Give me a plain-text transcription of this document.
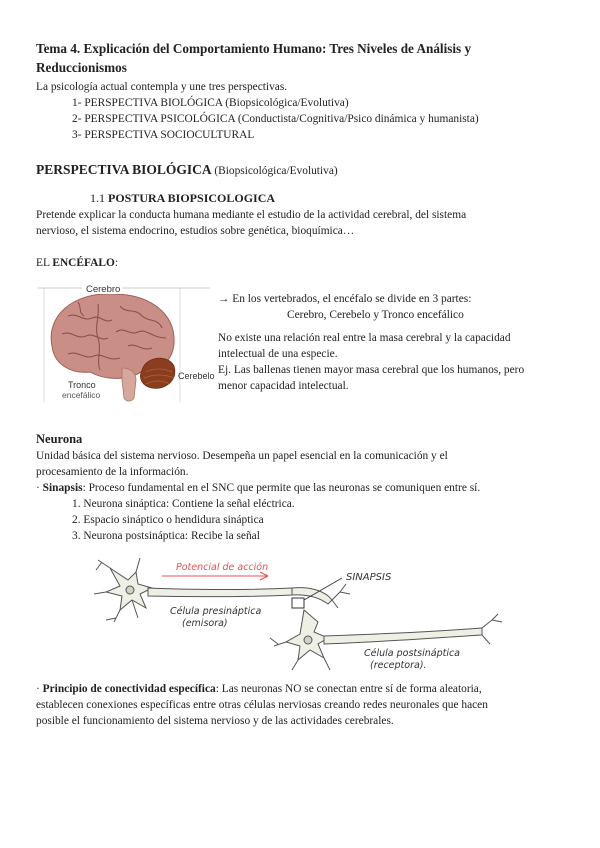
Tema 4. Explicación del Comportamiento Humano: Tres Niveles de Análisis y Reduccionismos
La psicología actual contempla y une tres perspectivas.
1- PERSPECTIVA BIOLÓGICA (Biopsicológica/Evolutiva)
2- PERSPECTIVA PSICOLÓGICA (Conductista/Cognitiva/Psico dinámica y humanista)
3- PERSPECTIVA SOCIOCULTURAL
PERSPECTIVA BIOLÓGICA (Biopsicológica/Evolutiva)
1.1 POSTURA BIOPSICOLOGICA
Pretende explicar la conducta humana mediante el estudio de la actividad cerebral, del sistema
nervioso, el sistema endocrino, estudios sobre genética, bioquímica…
EL ENCÉFALO:
Cerebro
Cerebelo
Tronco
encefálico
→ En los vertebrados, el encéfalo se divide en 3 partes:
Cerebro, Cerebelo y Tronco encefálico
No existe una relación real entre la masa cerebral y la capacidad
intelectual de una especie.
Ej. Las ballenas tienen mayor masa cerebral que los humanos, pero
menor capacidad intelectual.
Neurona
Unidad básica del sistema nervioso. Desempeña un papel esencial en la comunicación y el
procesamiento de la información.
· Sinapsis: Proceso fundamental en el SNC que permite que las neuronas se comuniquen entre sí.
1. Neurona sináptica: Contiene la señal eléctrica.
2. Espacio sináptico o hendidura sináptica
3. Neurona postsináptica: Recibe la señal
Potencial de acción
SINAPSIS
Célula presináptica
(emisora)
Célula postsináptica
(receptora).
· Principio de conectividad específica: Las neuronas NO se conectan entre sí de forma aleatoria,
establecen conexiones específicas entre otras células nerviosas creando redes neuronales que hacen
posible el funcionamiento del sistema nervioso y de las actividades cerebrales.
